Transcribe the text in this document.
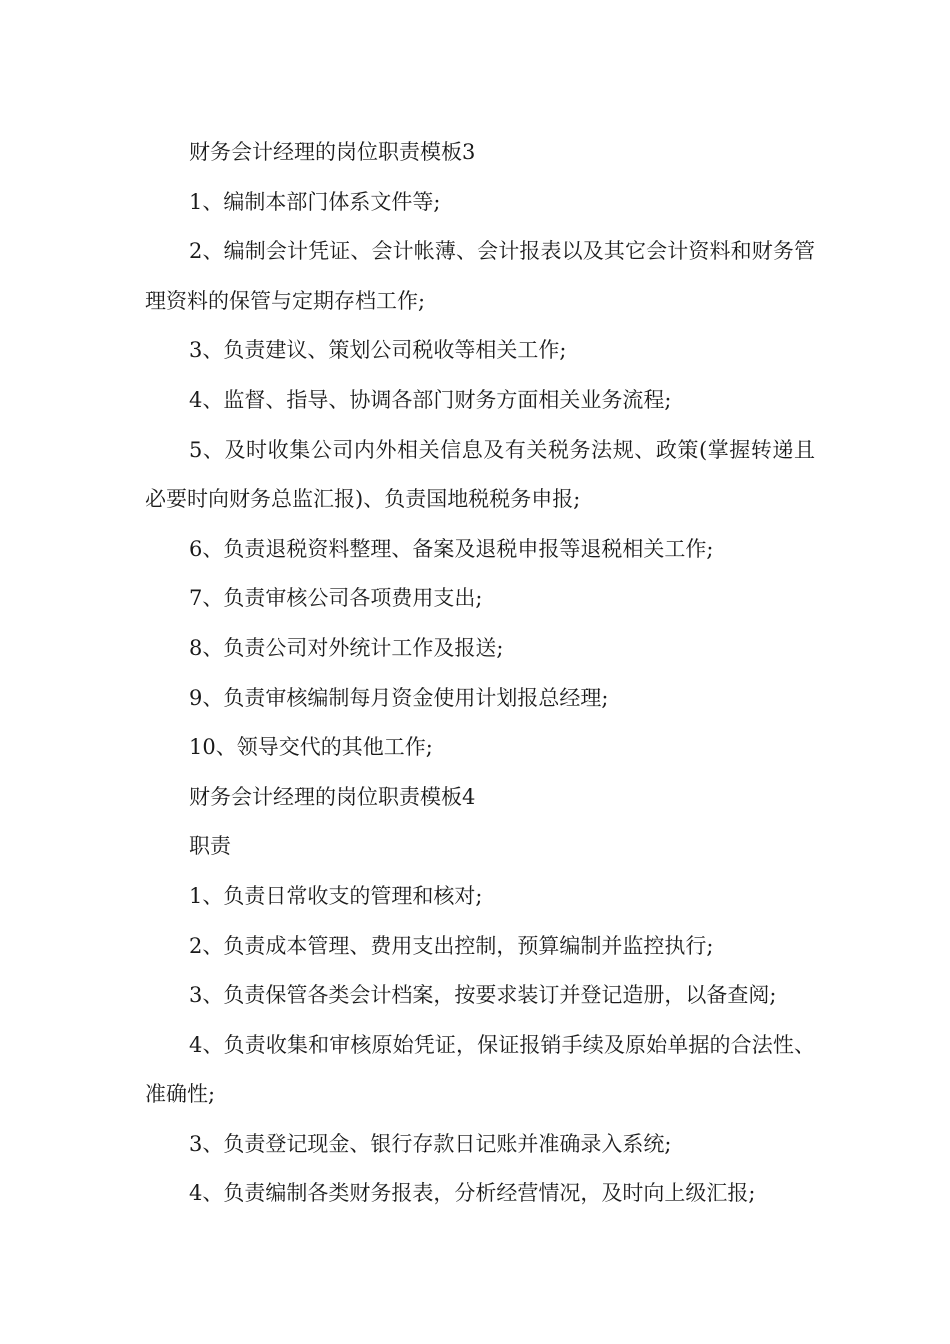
财务会计经理的岗位职责模板3

1、编制本部门体系文件等;

2、编制会计凭证、会计帐薄、会计报表以及其它会计资料和财务管理资料的保管与定期存档工作;

3、负责建议、策划公司税收等相关工作;

4、监督、指导、协调各部门财务方面相关业务流程;

5、及时收集公司内外相关信息及有关税务法规、政策(掌握转递且必要时向财务总监汇报)、负责国地税税务申报;

6、负责退税资料整理、备案及退税申报等退税相关工作;

7、负责审核公司各项费用支出;

8、负责公司对外统计工作及报送;

9、负责审核编制每月资金使用计划报总经理;

10、领导交代的其他工作;

财务会计经理的岗位职责模板4

职责

1、负责日常收支的管理和核对;

2、负责成本管理、费用支出控制，预算编制并监控执行;

3、负责保管各类会计档案，按要求装订并登记造册，以备查阅;

4、负责收集和审核原始凭证，保证报销手续及原始单据的合法性、准确性;

3、负责登记现金、银行存款日记账并准确录入系统;

4、负责编制各类财务报表，分析经营情况，及时向上级汇报;
